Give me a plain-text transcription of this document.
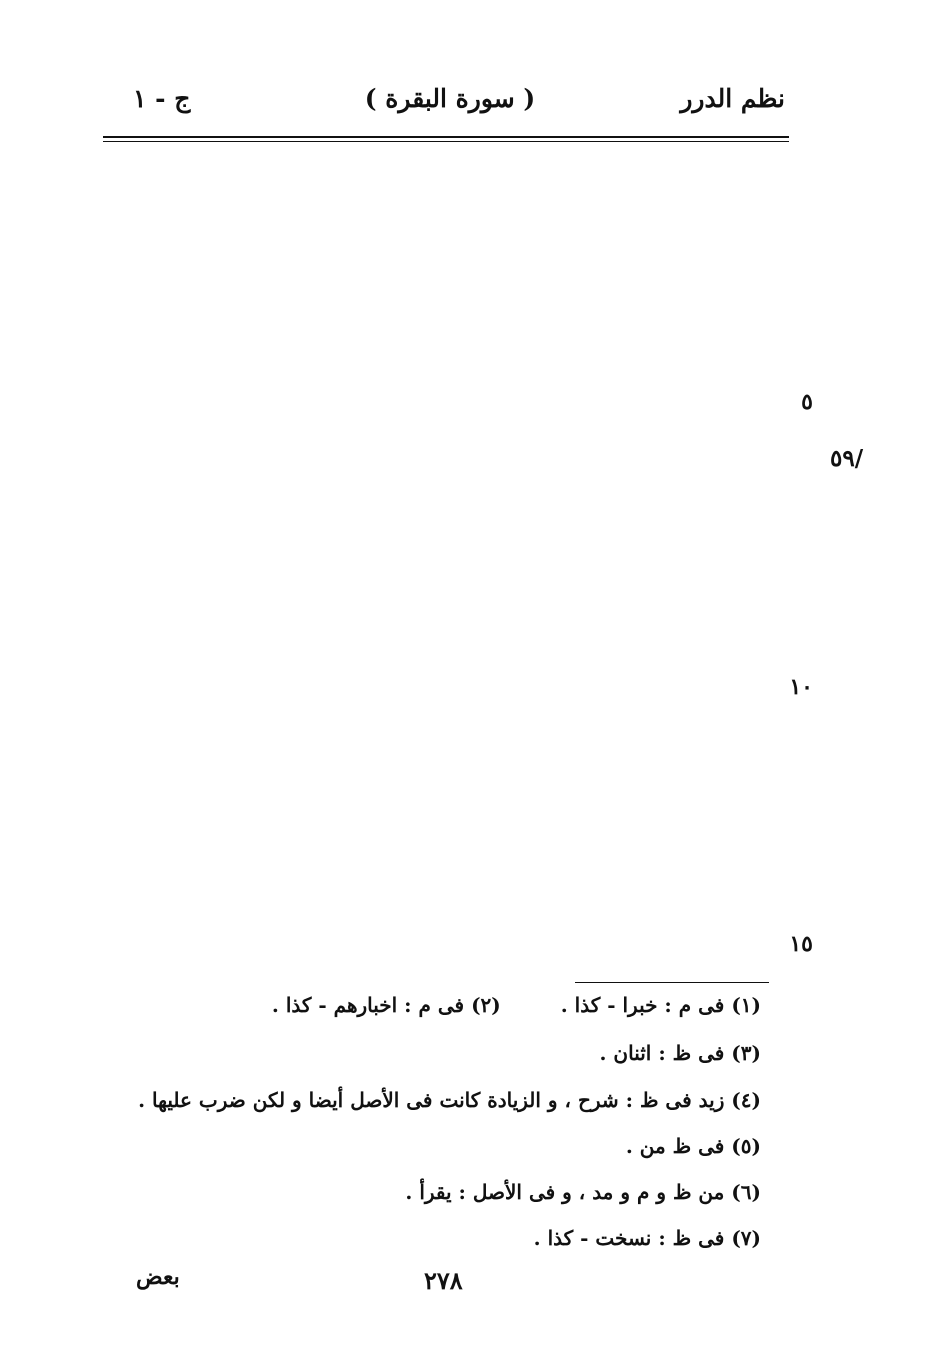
نظم الدرر
( سورة البقرة )
ج - ١
٥
١٠
١٥
/٥٩
(١) فى م : خبرا - كذا .(٢) فى م : اخبارهم - كذا .
(٣) فى ظ : اثنان .
(٤) زيد فى ظ : شرح ، و الزيادة كانت فى الأصل أيضا و لكن ضرب عليها .
(٥) فى ظ من .
(٦) من ظ و م و مد ، و فى الأصل : يقرأ .
(٧) فى ظ : نسخت - كذا .
بعض	٢٧٨
